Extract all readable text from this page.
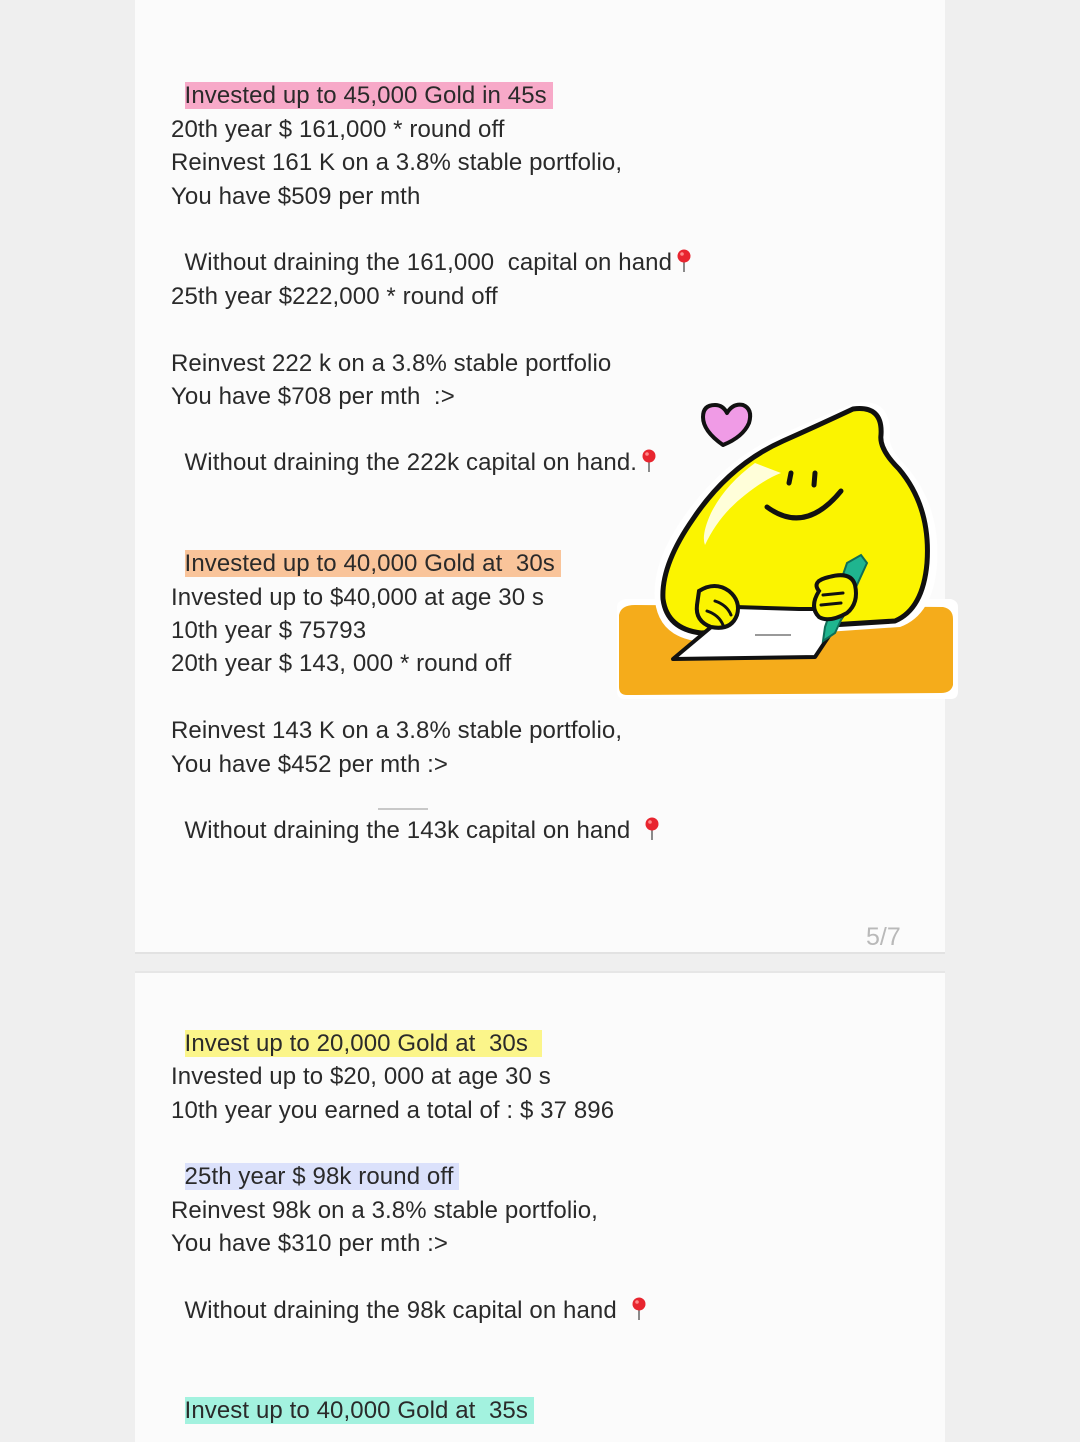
Invested up to 45,000 Gold in 45s

20th year $ 161,000 * round off
Reinvest 161 K on a 3.8% stable portfolio,
You have $509 per mth

Without draining the 161,000  capital on hand

25th year $222,000 * round off
Reinvest 222 k on a 3.8% stable portfolio
You have $708 per mth  :>

Without draining the 222k capital on hand.

Invested up to 40,000 Gold at  30s

Invested up to $40,000 at age 30 s
10th year $ 75793
20th year $ 143, 000 * round off
Reinvest 143 K on a 3.8% stable portfolio,
You have $452 per mth :>

Without draining the 143k capital on hand

5/7

Invest up to 20,000 Gold at  30s

Invested up to $20, 000 at age 30 s
10th year you earned a total of : $ 37 896

25th year $ 98k round off

Reinvest 98k on a 3.8% stable portfolio,
You have $310 per mth :>

Without draining the 98k capital on hand

Invest up to 40,000 Gold at  35s
